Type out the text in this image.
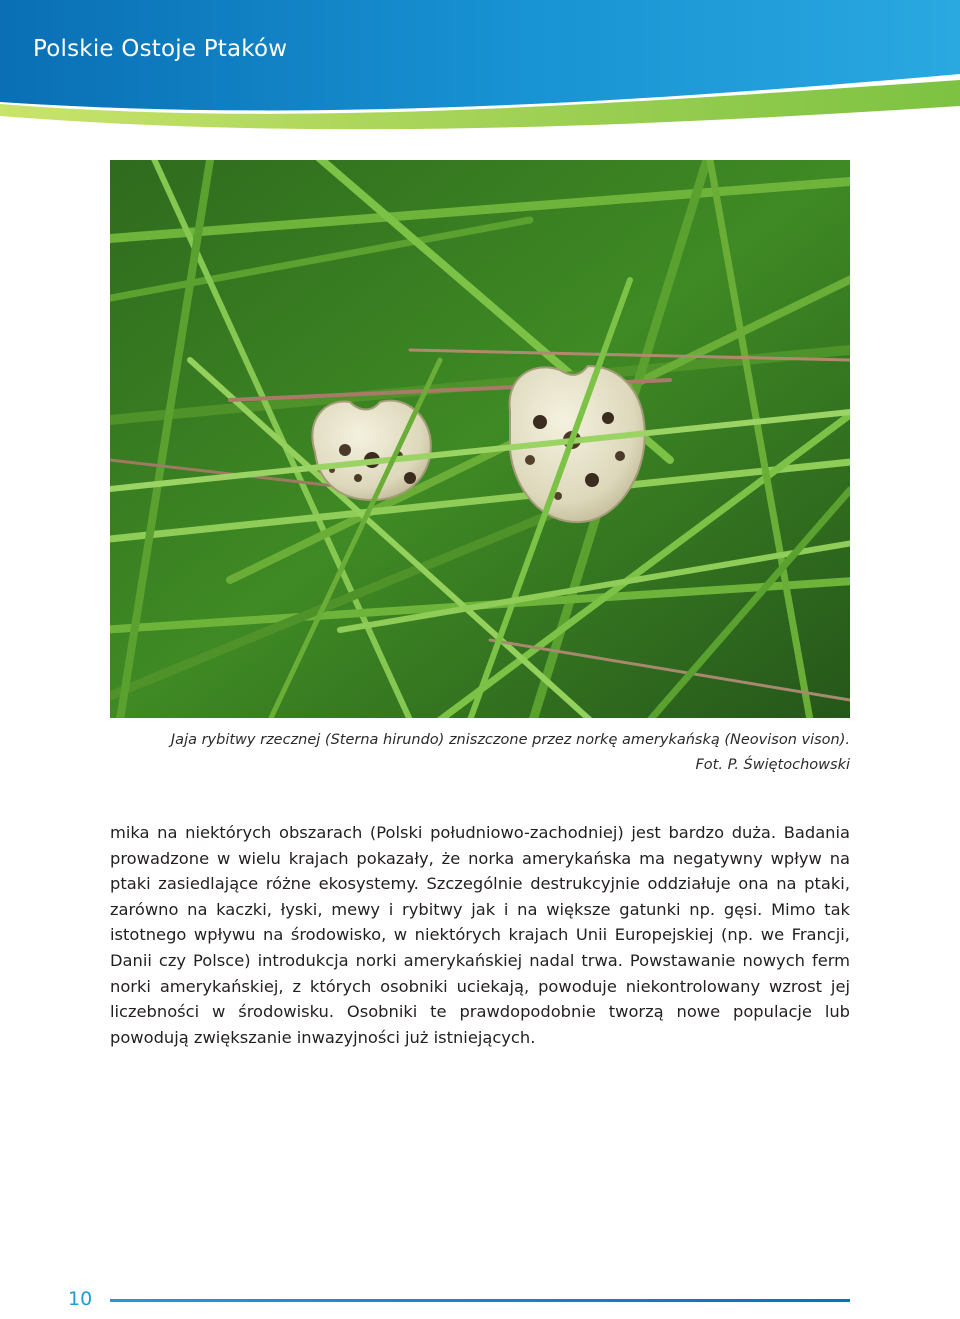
Polskie Ostoje Ptaków

Jaja rybitwy rzecznej (Sterna hirundo) zniszczone przez norkę amerykańską (Neovison vison).

Fot. P. Świętochowski

mika na niektórych obszarach (Polski południowo-zachodniej) jest bardzo duża. Badania prowadzone w wielu krajach pokazały, że norka amerykańska ma negatywny wpływ na ptaki zasiedlające różne ekosystemy. Szczególnie destrukcyjnie oddziałuje ona na ptaki, zarówno na kaczki, łyski, mewy i rybitwy jak i na większe gatunki np. gęsi. Mimo tak istotnego wpływu na środowisko, w niektórych krajach Unii Europejskiej (np. we Francji, Danii czy Polsce) introdukcja norki amerykańskiej nadal trwa. Powstawanie nowych ferm norki amerykańskiej, z których osobniki uciekają, powoduje niekontrolowany wzrost jej liczebności w środowisku. Osobniki te prawdopodobnie tworzą nowe populacje lub powodują zwiększanie inwazyjności już istniejących.

10
